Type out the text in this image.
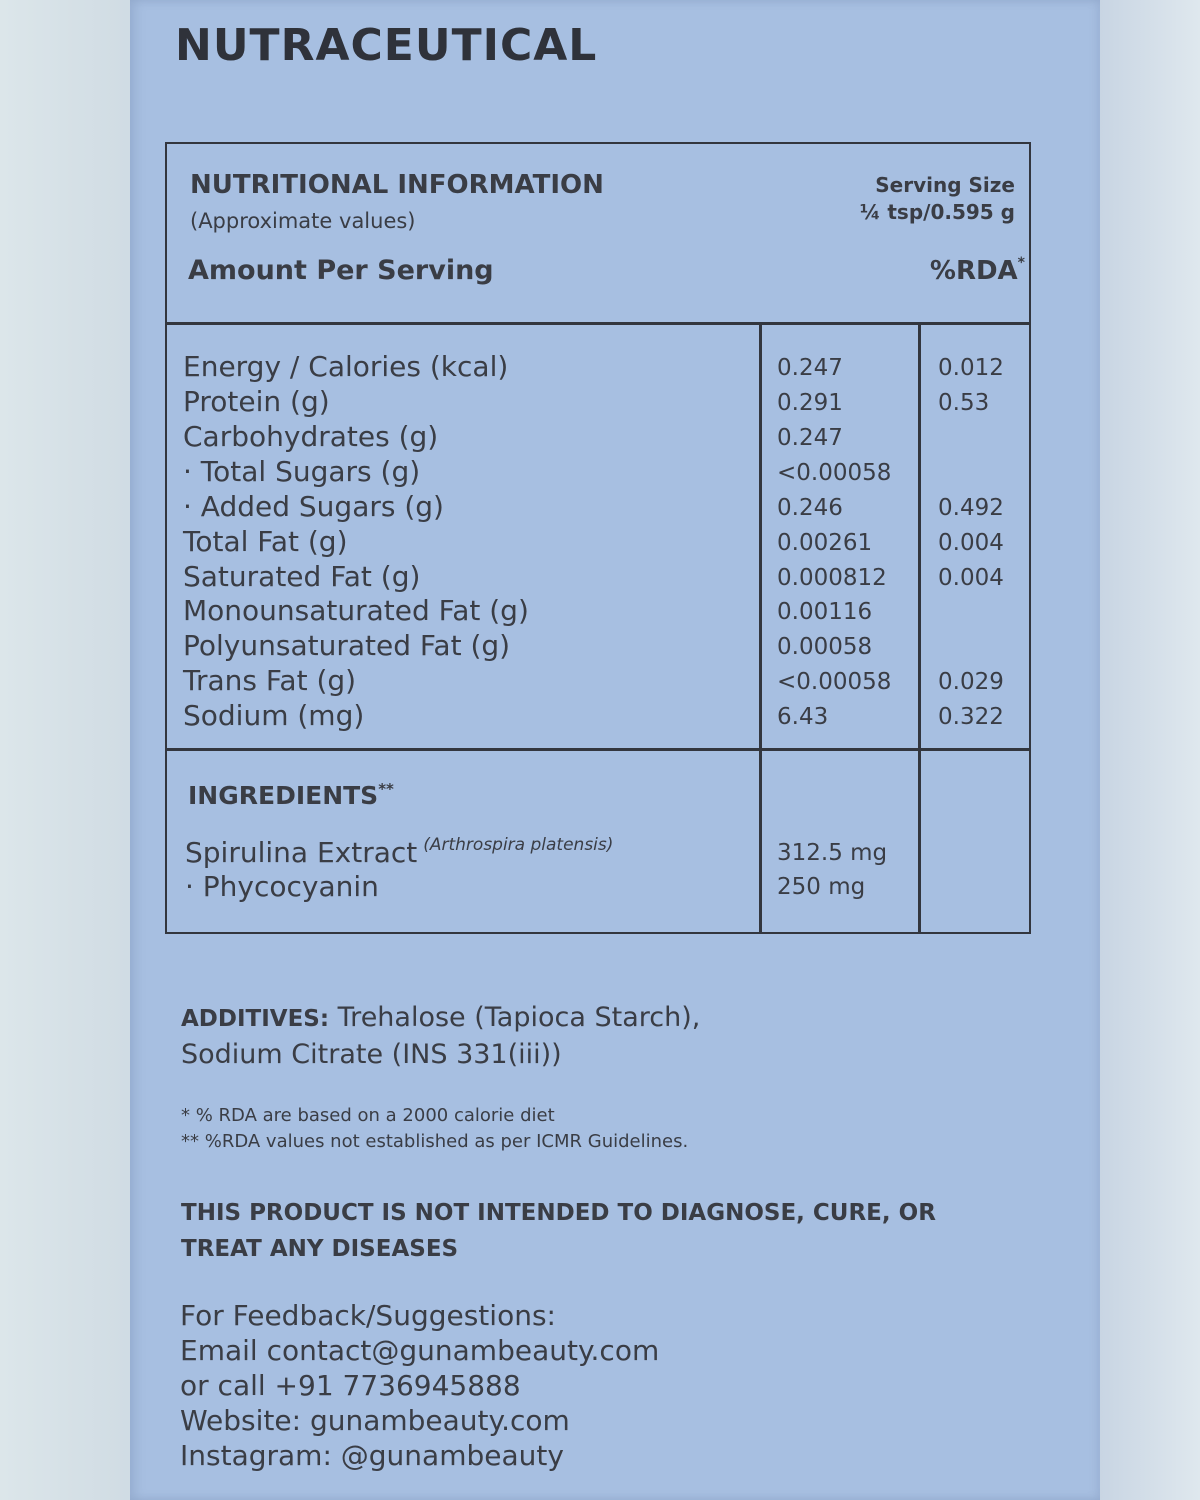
NUTRACEUTICAL
NUTRITIONAL INFORMATION
(Approximate values)
Serving Size
¼ tsp/0.595 g
Amount Per Serving	%RDA*
Energy / Calories (kcal)	0.247	0.012
Protein (g)	0.291	0.53
Carbohydrates (g)	0.247
· Total Sugars (g)	<0.00058
· Added Sugars (g)	0.246	0.492
Total Fat (g)	0.00261	0.004
Saturated Fat (g)	0.000812 0.004
Monounsaturated Fat (g)	0.00116
Polyunsaturated Fat (g)	0.00058
Trans Fat (g)	<0.00058 0.029
Sodium (mg)	6.43	0.322
INGREDIENTS**
Spirulina Extract $^{(Arthrospira platensis)}$	312.5 mg
· Phycocyanin	250 mg
ADDITIVES: Trehalose (Tapioca Starch),
Sodium Citrate (INS 331(iii))
* % RDA are based on a 2000 calorie diet
** %RDA values not established as per ICMR Guidelines.
THIS PRODUCT IS NOT INTENDED TO DIAGNOSE, CURE, OR
TREAT ANY DISEASES
For Feedback/Suggestions:
Email contact@gunambeauty.com
or call +91 7736945888
Website: gunambeauty.com
Instagram: @gunambeauty
